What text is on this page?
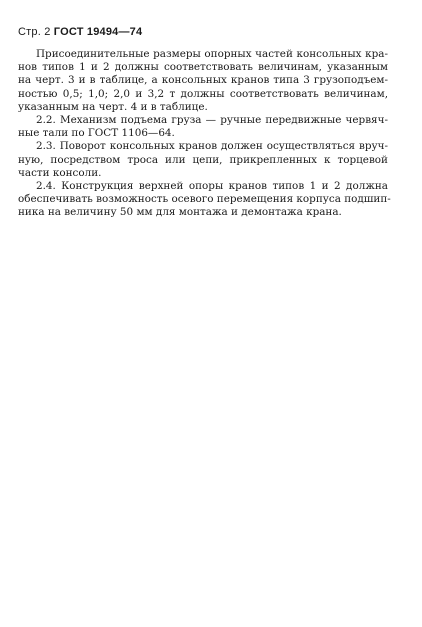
Стр. 2 ГОСТ 19494—74
Присоединительные размеры опорных частей консольных кра-
нов типов 1 и 2 должны соответствовать величинам, указанным
на черт. 3 и в таблице, а консольных кранов типа 3 грузоподъем-
ностью 0,5; 1,0; 2,0 и 3,2 т должны соответствовать величинам,
указанным на черт. 4 и в таблице.
2.2. Механизм подъема груза — ручные передвижные червяч-
ные тали по ГОСТ 1106—64.
2.3. Поворот консольных кранов должен осуществляться вруч-
ную, посредством троса или цепи, прикрепленных к торцевой
части консоли.
2.4. Конструкция верхней опоры кранов типов 1 и 2 должна
обеспечивать возможность осевого перемещения корпуса подшип-
ника на величину 50 мм для монтажа и демонтажа крана.
